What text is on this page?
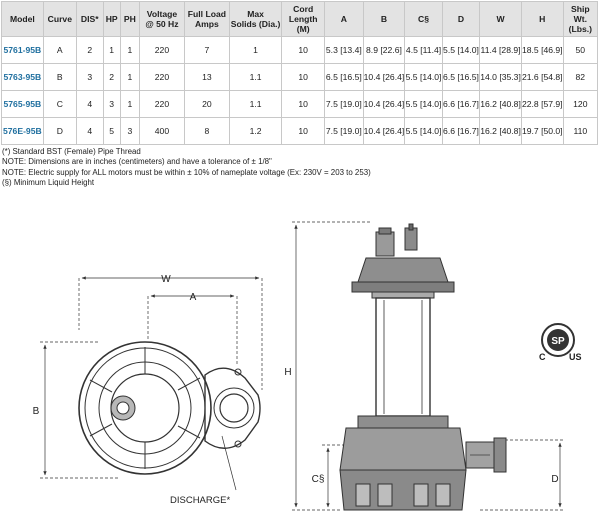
Model	Curve	DIS*	HP	PH	Voltage
@ 50 Hz	Full Load
Amps	Max
Solids (Dia.)	Cord
Length (M)	A	B	C§	D	W	H	Ship Wt.
(Lbs.)
5761-95B	A	2	1	1	220	7	1	10	5.3 [13.4]	8.9 [22.6]	4.5 [11.4]	5.5 [14.0]	11.4 [28.9]	18.5 [46.9]	50
5763-95B	B	3	2	1	220	13	1.1	10	6.5 [16.5]	10.4 [26.4]	5.5 [14.0]	6.5 [16.5]	14.0 [35.3]	21.6 [54.8]	82
5765-95B	C	4	3	1	220	20	1.1	10	7.5 [19.0]	10.4 [26.4]	5.5 [14.0]	6.6 [16.7]	16.2 [40.8]	22.8 [57.9]	120
576E-95B	D	4	5	3	400	8	1.2	10	7.5 [19.0]	10.4 [26.4]	5.5 [14.0]	6.6 [16.7]	16.2 [40.8]	19.7 [50.0]	110
(*) Standard BST (Female) Pipe Thread
NOTE: Dimensions are in inches (centimeters) and have a tolerance of ± 1/8"
NOTE: Electric supply for ALL motors must be within ± 10% of nameplate voltage (Ex: 230V = 203 to 253)
(§) Minimum Liquid Height
W
A
B
DISCHARGE*
H
C§	D
SP
C	US
